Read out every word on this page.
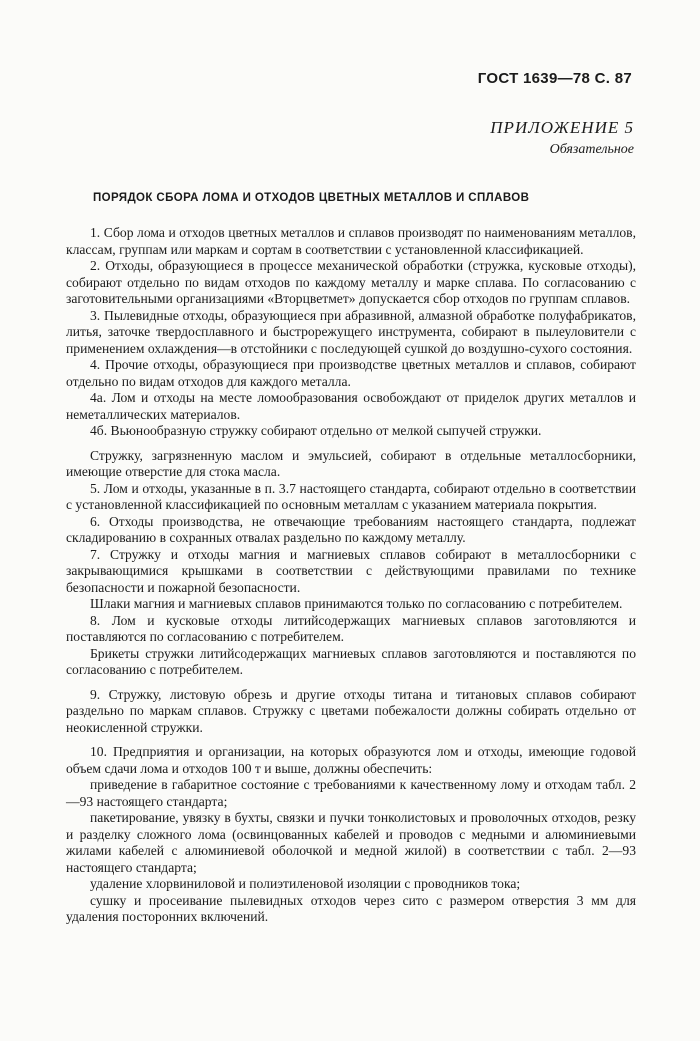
ГОСТ 1639—78 С. 87
ПРИЛОЖЕНИЕ 5
Обязательное
ПОРЯДОК СБОРА ЛОМА И ОТХОДОВ ЦВЕТНЫХ МЕТАЛЛОВ И СПЛАВОВ

1. Сбор лома и отходов цветных металлов и сплавов производят по наименованиям металлов, классам, группам или маркам и сортам в соответствии с установленной классификацией.

2. Отходы, образующиеся в процессе механической обработки (стружка, кусковые отходы), собирают отдельно по видам отходов по каждому металлу и марке сплава. По согласованию с заготовительными организациями «Вторцветмет» допускается сбор отходов по группам сплавов.

3. Пылевидные отходы, образующиеся при абразивной, алмазной обработке полуфабрикатов, литья, заточке твердосплавного и быстрорежущего инструмента, собирают в пылеуловители с применением охлаждения—в отстойники с последующей сушкой до воздушно-сухого состояния.

4. Прочие отходы, образующиеся при производстве цветных металлов и сплавов, собирают отдельно по видам отходов для каждого металла.

4а. Лом и отходы на месте ломообразования освобождают от приделок других металлов и неметаллических материалов.

4б. Вьюнообразную стружку собирают отдельно от мелкой сыпучей стружки.

Стружку, загрязненную маслом и эмульсией, собирают в отдельные металлосборники, имеющие отверстие для стока масла.

5. Лом и отходы, указанные в п. 3.7 настоящего стандарта, собирают отдельно в соответствии с установленной классификацией по основным металлам с указанием материала покрытия.

6. Отходы производства, не отвечающие требованиям настоящего стандарта, подлежат складированию в сохранных отвалах раздельно по каждому металлу.

7. Стружку и отходы магния и магниевых сплавов собирают в металлосборники с закрывающимися крышками в соответствии с действующими правилами по технике безопасности и пожарной безопасности.

Шлаки магния и магниевых сплавов принимаются только по согласованию с потребителем.

8. Лом и кусковые отходы литийсодержащих магниевых сплавов заготовляются и поставляются по согласованию с потребителем.

Брикеты стружки литийсодержащих магниевых сплавов заготовляются и поставляются по согласованию с потребителем.

9. Стружку, листовую обрезь и другие отходы титана и титановых сплавов собирают раздельно по маркам сплавов. Стружку с цветами побежалости должны собирать отдельно от неокисленной стружки.

10. Предприятия и организации, на которых образуются лом и отходы, имеющие годовой объем сдачи лома и отходов 100 т и выше, должны обеспечить:

приведение в габаритное состояние с требованиями к качественному лому и отходам табл. 2—93 настоящего стандарта;

пакетирование, увязку в бухты, связки и пучки тонколистовых и проволочных отходов, резку и разделку сложного лома (освинцованных кабелей и проводов с медными и алюминиевыми жилами кабелей с алюминиевой оболочкой и медной жилой) в соответствии с табл. 2—93 настоящего стандарта;

удаление хлорвиниловой и полиэтиленовой изоляции с проводников тока;

сушку и просеивание пылевидных отходов через сито с размером отверстия 3 мм для удаления посторонних включений.
